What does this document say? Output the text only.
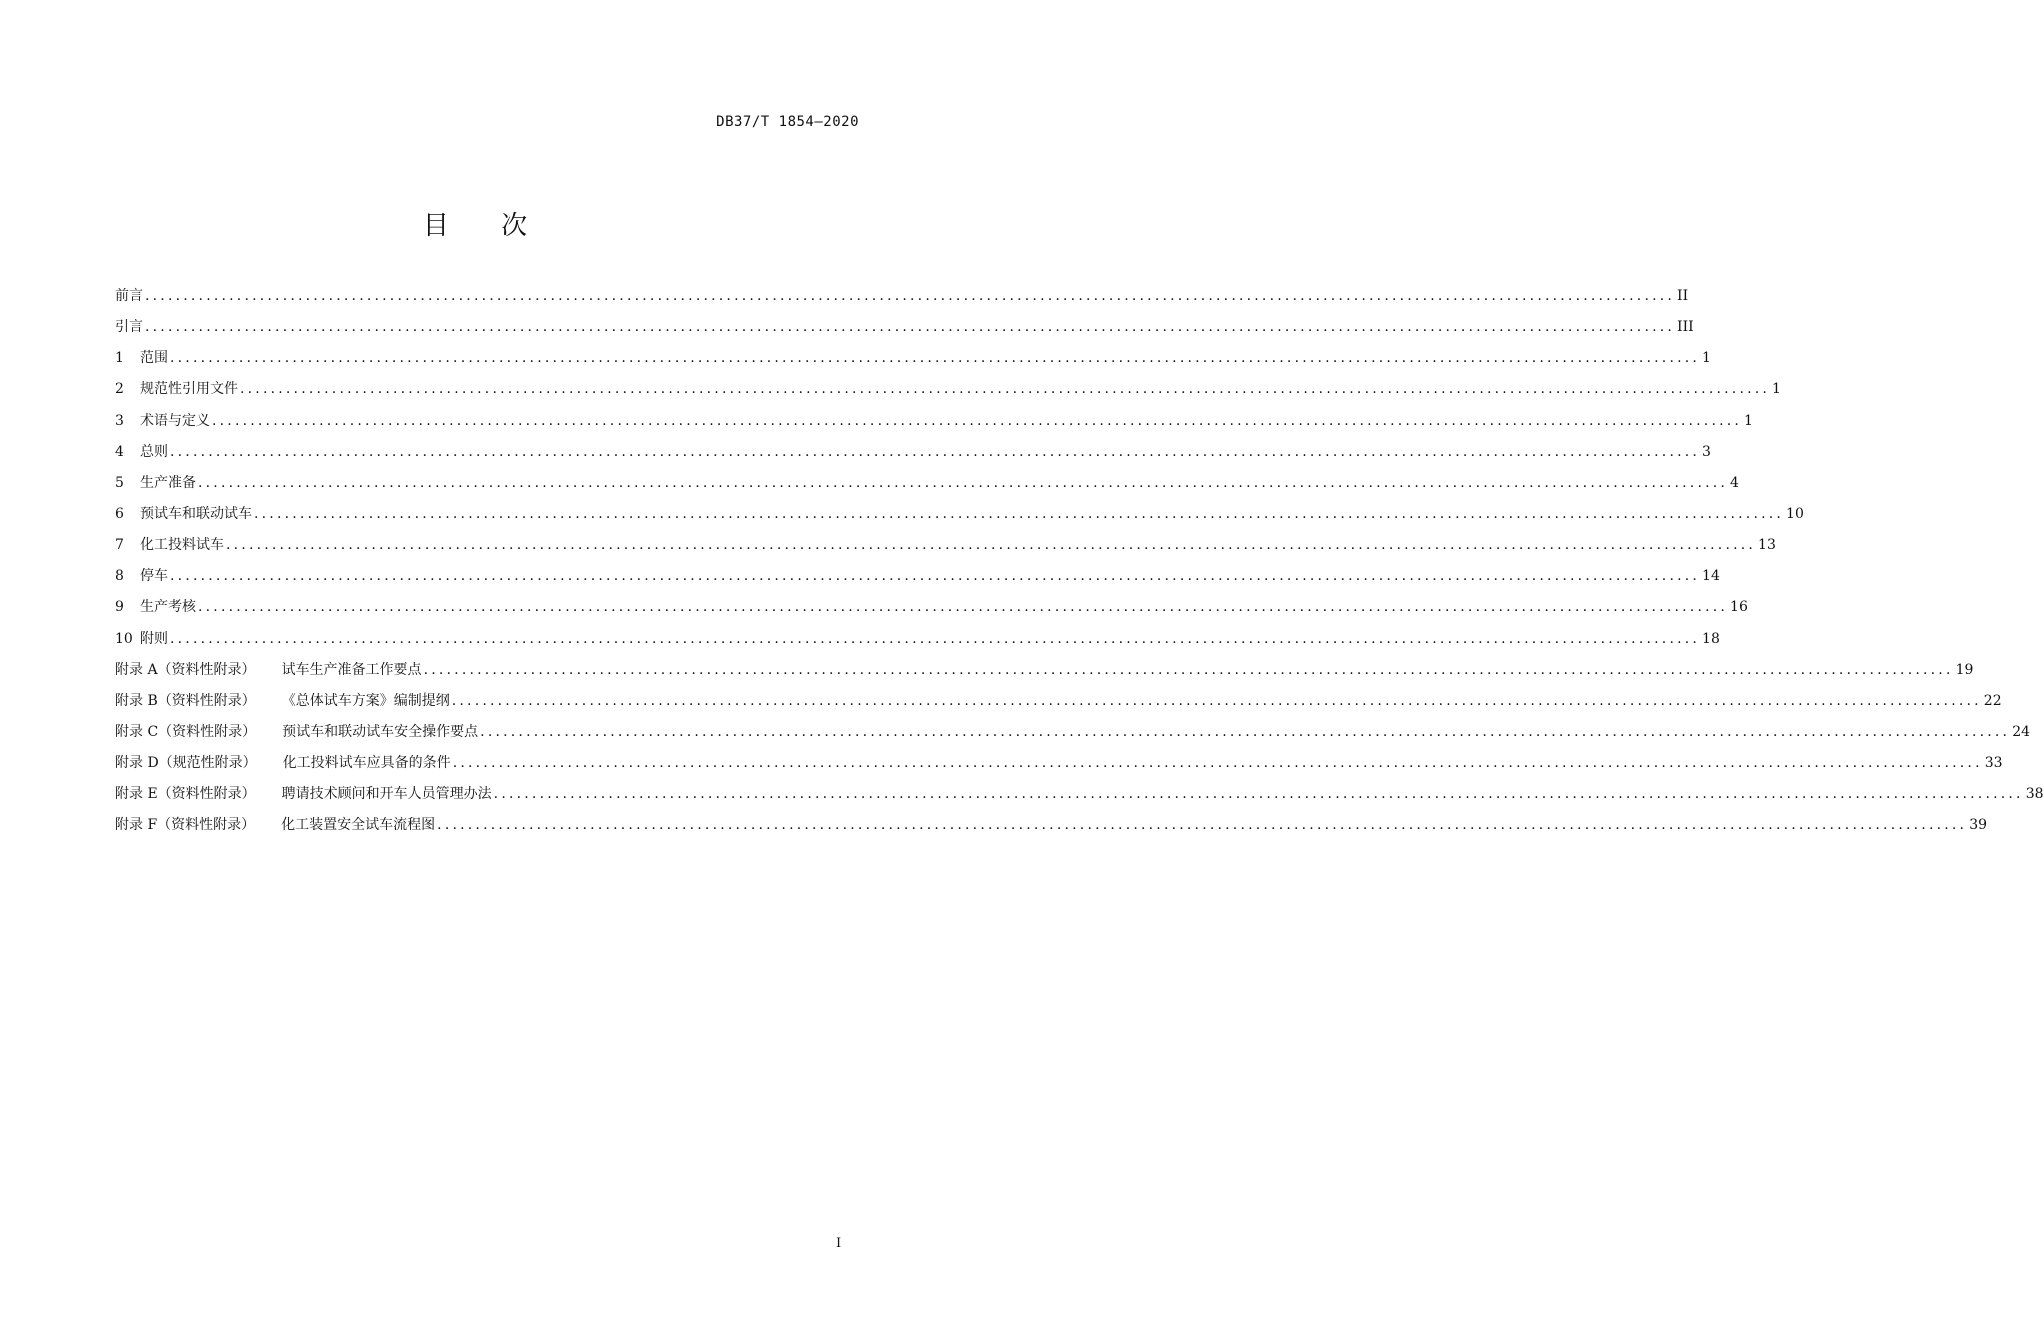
DB37/T 1854—2020
目 次
前言 ........................................................................................................................................................................................................ II
引言 ........................................................................................................................................................................................................ III
1 范围 ........................................................................................................................................................................................................ 1
2 规范性引用文件 ........................................................................................................................................................................................................ 1
3 术语与定义 ........................................................................................................................................................................................................ 1
4 总则 ........................................................................................................................................................................................................ 3
5 生产准备 ........................................................................................................................................................................................................ 4
6 预试车和联动试车 ........................................................................................................................................................................................................ 10
7 化工投料试车 ........................................................................................................................................................................................................ 13
8 停车 ........................................................................................................................................................................................................ 14
9 生产考核 ........................................................................................................................................................................................................ 16
10 附则 ........................................................................................................................................................................................................ 18
附录 A（资料性附录） 试车生产准备工作要点 ........................................................................................................................................................................................................ 19
附录 B（资料性附录） 《总体试车方案》编制提纲 ........................................................................................................................................................................................................ 22
附录 C（资料性附录） 预试车和联动试车安全操作要点 ........................................................................................................................................................................................................ 24
附录 D（规范性附录） 化工投料试车应具备的条件 ........................................................................................................................................................................................................ 33
附录 E（资料性附录） 聘请技术顾问和开车人员管理办法 ........................................................................................................................................................................................................ 38
附录 F（资料性附录） 化工装置安全试车流程图 ........................................................................................................................................................................................................ 39
I
